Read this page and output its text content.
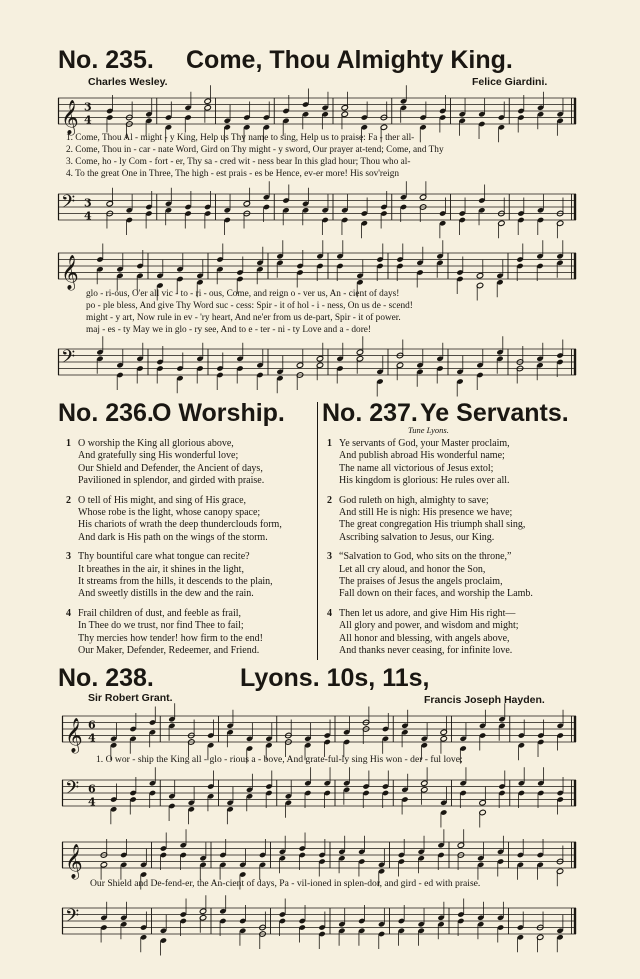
No. 235. Come, Thou Almighty King.
Charles Wesley.	Felice Giardini.
𝄞 3
4
1. Come, Thou Al - might - y King, Help us Thy name to sing, Help us to praise: Fa - ther all-
2. Come, Thou in - car - nate Word, Gird on Thy might - y sword, Our prayer at-tend; Come, and Thy
3. Come, ho - ly Com - fort - er, Thy sa - cred wit - ness bear In this glad hour; Thou who al-
4. To the great One in Three, The high - est prais - es be Hence, ev-er more! His sov'reign
𝄢 3
4
𝄞
glo - ri-ous, O'er all vic - to - ri - ous, Come, and reign o - ver us, An - cient of days!
po - ple bless, And give Thy Word suc - cess: Spir - it of hol - i - ness, On us de - scend!
might - y art, Now rule in ev - 'ry heart, And ne'er from us de-part, Spir - it of power.
maj - es - ty May we in glo - ry see, And to e - ter - ni - ty Love and a - dore!
𝄢
No. 236.
O Worship.
1 O worship the King all glorious above,
And gratefully sing His wonderful love;
Our Shield and Defender, the Ancient of days,
Pavilioned in splendor, and girded with praise.
2 O tell of His might, and sing of His grace,
Whose robe is the light, whose canopy space;
His chariots of wrath the deep thunderclouds form,
And dark is His path on the wings of the storm.
3 Thy bountiful care what tongue can recite?
It breathes in the air, it shines in the light,
It streams from the hills, it descends to the plain,
And sweetly distills in the dew and the rain.
4 Frail children of dust, and feeble as frail,
In Thee do we trust, nor find Thee to fail;
Thy mercies how tender! how firm to the end!
Our Maker, Defender, Redeemer, and Friend.
No. 237. Ye Servants.
Tune Lyons.
1 Ye servants of God, your Master proclaim,
And publish abroad His wonderful name;
The name all victorious of Jesus extol;
His kingdom is glorious: He rules over all.
2 God ruleth on high, almighty to save;
And still He is nigh: His presence we have;
The great congregation His triumph shall sing,
Ascribing salvation to Jesus, our King.
3 “Salvation to God, who sits on the throne,”
Let all cry aloud, and honor the Son,
The praises of Jesus the angels proclaim,
Fall down on their faces, and worship the Lamb.
4 Then let us adore, and give Him His right—
All glory and power, and wisdom and might;
All honor and blessing, with angels above,
And thanks never ceasing, for infinite love.
No. 238.	Lyons. 10s, 11s,
Sir Robert Grant.	Francis Joseph Hayden.
𝄞 6
4
1. O wor - ship the King all - glo - rious a - bove, And grate-ful-ly sing His won - der - ful love;
𝄢 6
4
𝄞
Our Shield and De-fend-er, the An-cient of days, Pa - vil-ioned in splen-dor, and gird - ed with praise.
𝄢
